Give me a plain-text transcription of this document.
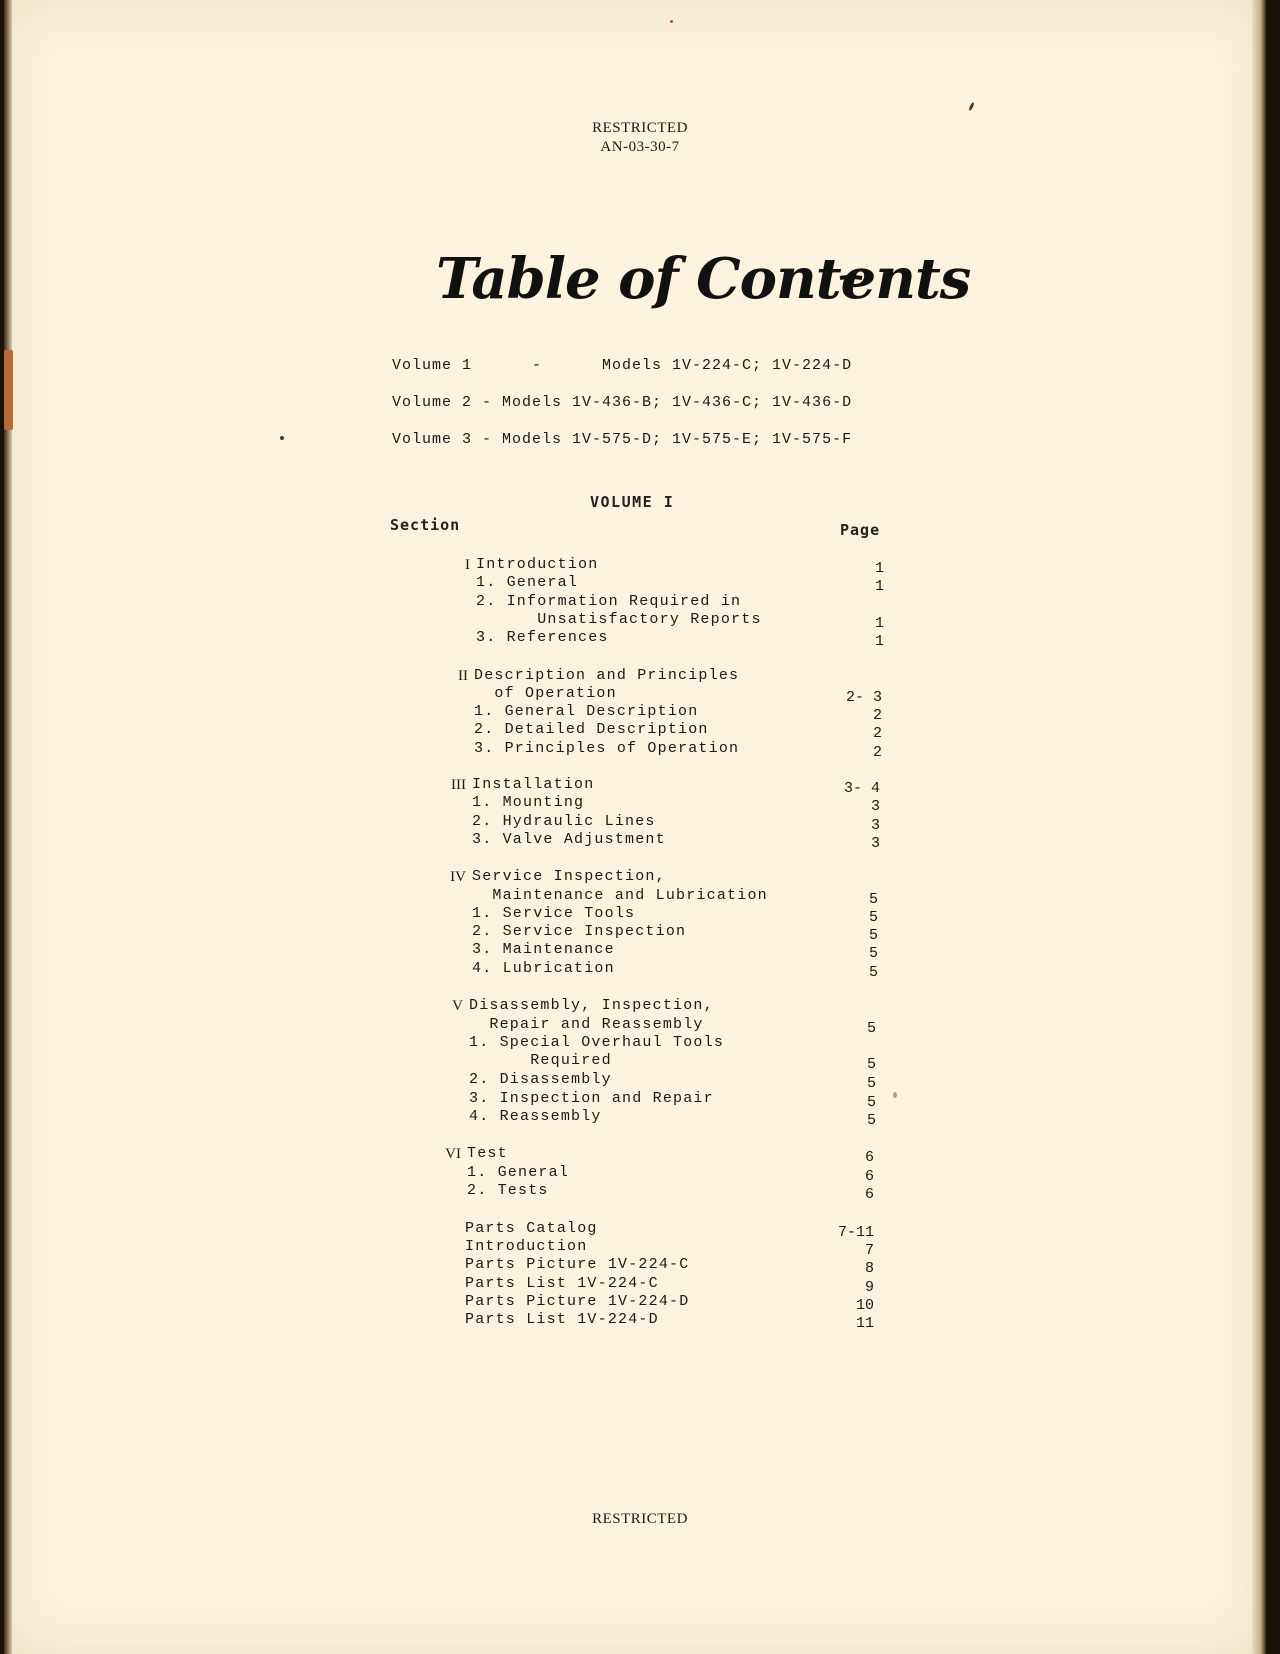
RESTRICTED
AN-03-30-7
Table of Contents
Volume 1      -      Models 1V-224-C; 1V-224-D
Volume 2 - Models 1V-436-B; 1V-436-C; 1V-436-D
Volume 3 - Models 1V-575-D; 1V-575-E; 1V-575-F
VOLUME I
Section	Page
I Introduction	1
1. General	1
2. Information Required in
Unsatisfactory Reports	1
3. References	1
II Description and Principles
of Operation	2- 3
1. General Description	2
2. Detailed Description	2
3. Principles of Operation	2
III Installation	3- 4
1. Mounting	3
2. Hydraulic Lines	3
3. Valve Adjustment	3
IV Service Inspection,
Maintenance and Lubrication	5
1. Service Tools	5
2. Service Inspection	5
3. Maintenance	5
4. Lubrication	5
V Disassembly, Inspection,
Repair and Reassembly	5
1. Special Overhaul Tools
Required	5
2. Disassembly	5
3. Inspection and Repair	5
4. Reassembly	5
VI Test	6
1. General	6
2. Tests	6
Parts Catalog	7-11
Introduction	7
Parts Picture 1V-224-C	8
Parts List 1V-224-C	9
Parts Picture 1V-224-D	10
Parts List 1V-224-D	11
RESTRICTED
